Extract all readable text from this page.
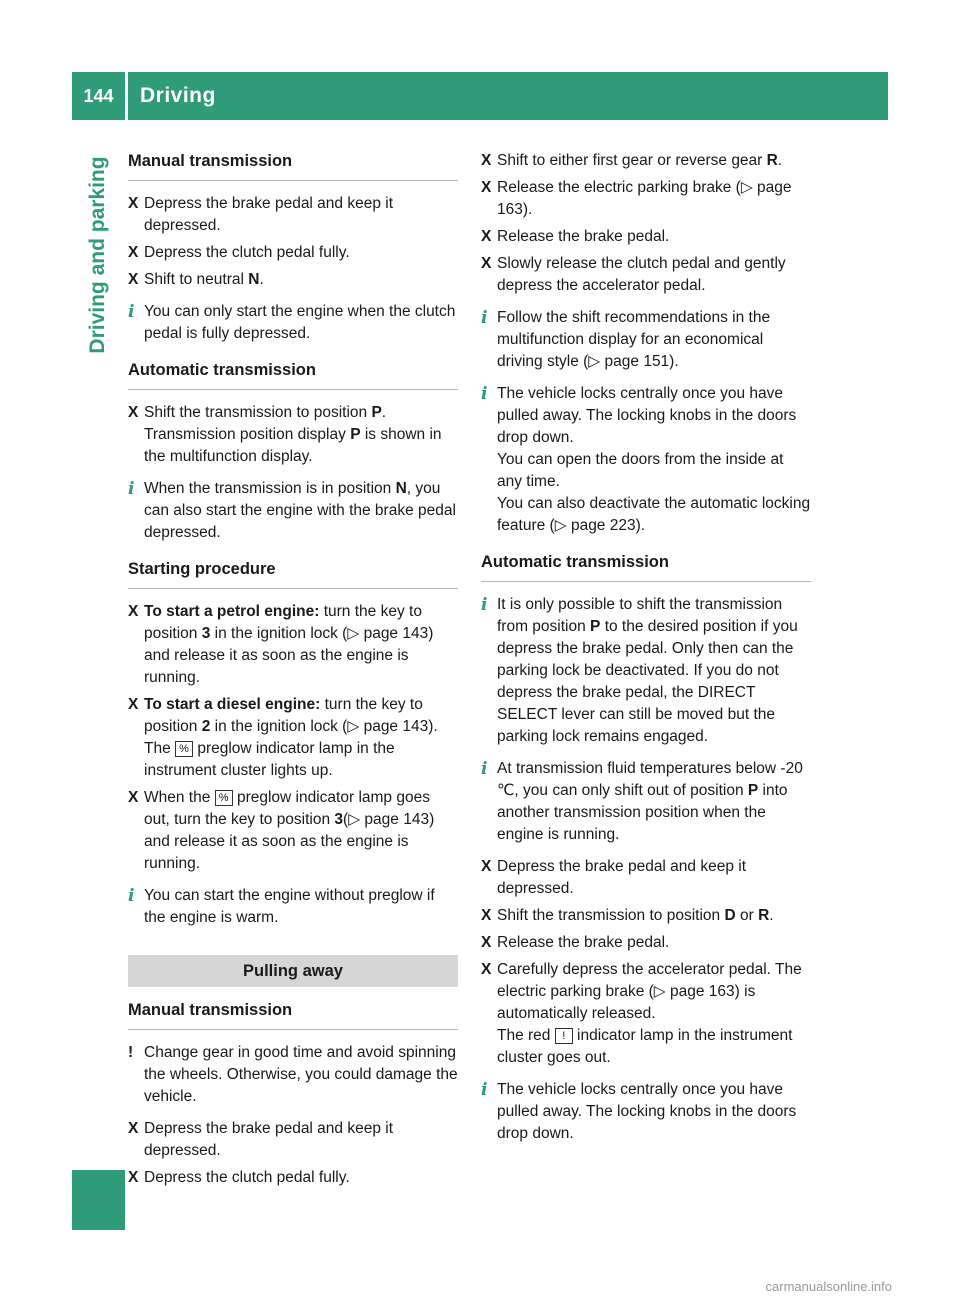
144	Driving
Driving and parking Manual transmission
X Depress the brake pedal and keep it depressed.
X Depress the clutch pedal fully.
X Shift to neutral N.
i You can only start the engine when the clutch pedal is fully depressed.
Automatic transmission
X Shift the transmission to position P. Transmission position display P is shown in the multifunction display.
i When the transmission is in position N, you can also start the engine with the brake pedal depressed.
Starting procedure
X To start a petrol engine: turn the key to position 3 in the ignition lock (▷ page 143) and release it as soon as the engine is running.
X To start a diesel engine: turn the key to position 2 in the ignition lock (▷ page 143).
The % preglow indicator lamp in the instrument cluster lights up.
X When the % preglow indicator lamp goes out, turn the key to position 3(▷ page 143) and release it as soon as the engine is running.
i You can start the engine without preglow if the engine is warm.
Pulling away
Manual transmission
! Change gear in good time and avoid spinning the wheels. Otherwise, you could damage the vehicle.
X Depress the brake pedal and keep it depressed.
X Depress the clutch pedal fully.
X Shift to either first gear or reverse gear R.
X Release the electric parking brake (▷ page 163).
X Release the brake pedal.
X Slowly release the clutch pedal and gently depress the accelerator pedal.
i Follow the shift recommendations in the multifunction display for an economical driving style (▷ page 151).
i The vehicle locks centrally once you have pulled away. The locking knobs in the doors drop down.
You can open the doors from the inside at any time.
You can also deactivate the automatic locking feature (▷ page 223).
Automatic transmission
i It is only possible to shift the transmission from position P to the desired position if you depress the brake pedal. Only then can the parking lock be deactivated. If you do not depress the brake pedal, the DIRECT SELECT lever can still be moved but the parking lock remains engaged.
i At transmission fluid temperatures below -20 ℃, you can only shift out of position P into another transmission position when the engine is running.
X Depress the brake pedal and keep it depressed.
X Shift the transmission to position D or R.
X Release the brake pedal.
X Carefully depress the accelerator pedal. The electric parking brake (▷ page 163) is automatically released.
The red ! indicator lamp in the instrument cluster goes out.
i The vehicle locks centrally once you have pulled away. The locking knobs in the doors drop down.
carmanualsonline.info
